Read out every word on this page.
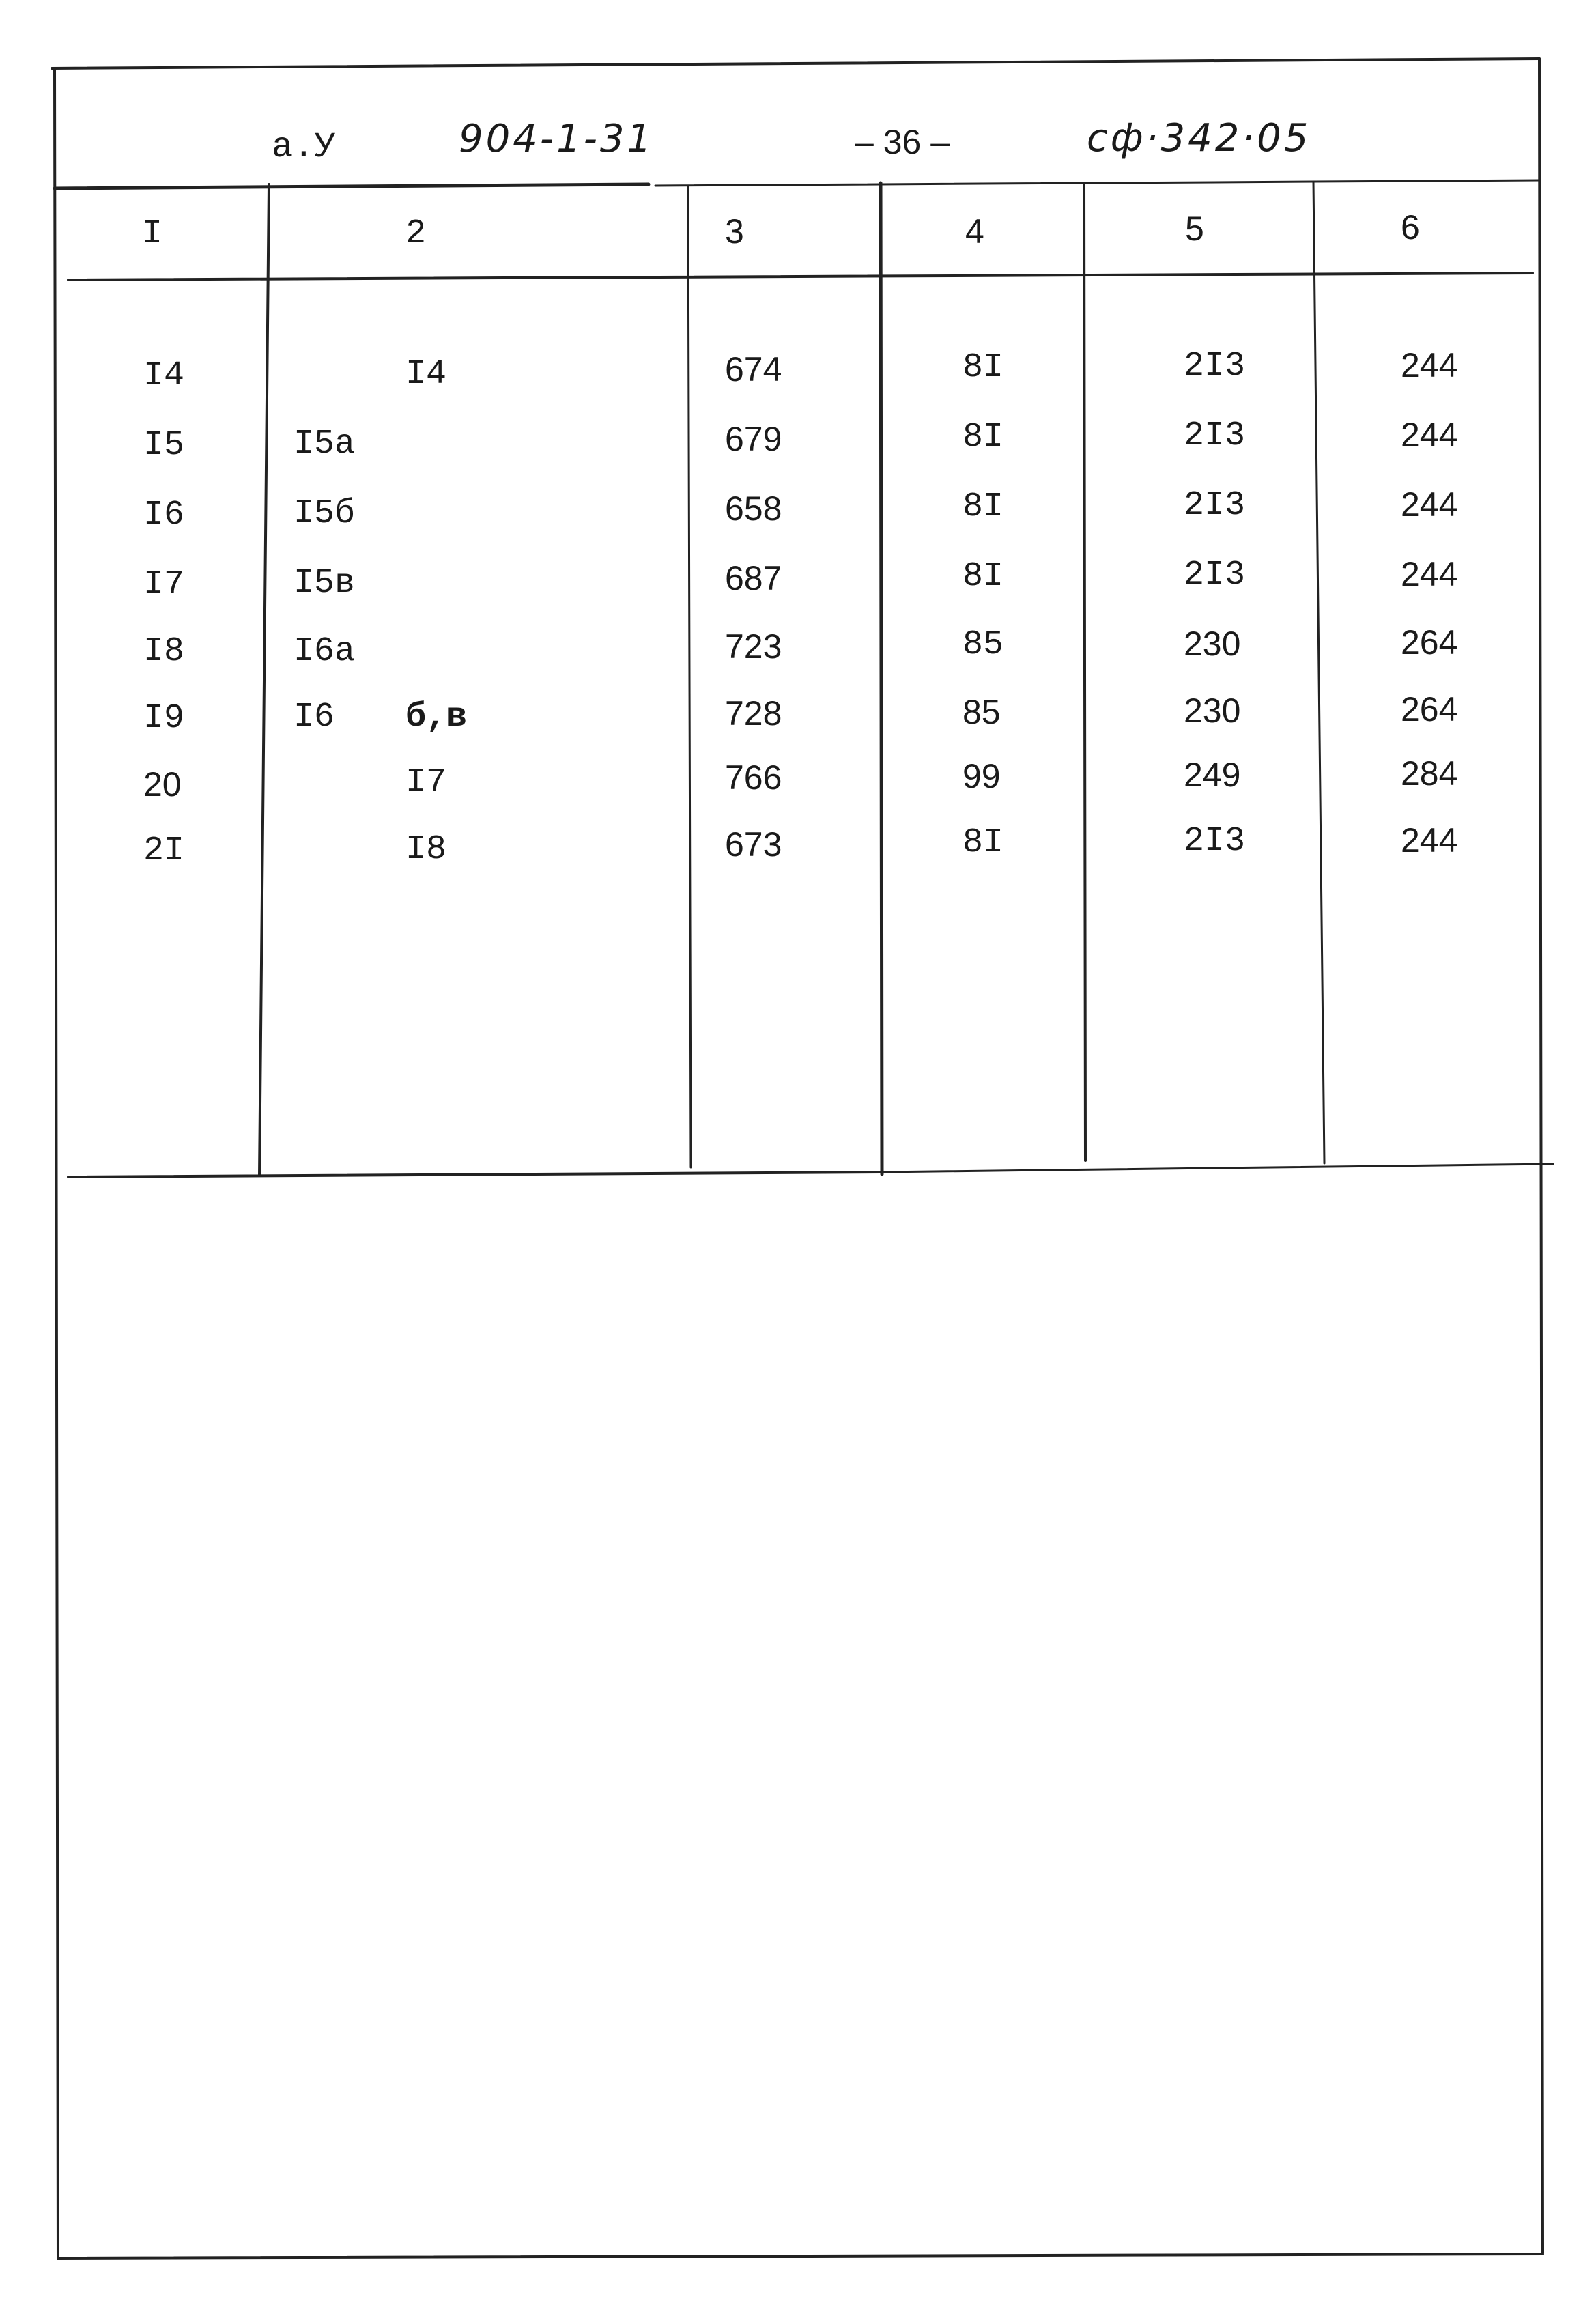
а.У	904-1-31	– 36 –	сф·342·05
I	2	3	4	5	6
I4	I4	674	8I	2I3	244
I5	I5а	679	8I	2I3	244
I6	I5б	658	8I	2I3	244
I7	I5в	687	8I	2I3	244
I8	I6а	723	85	230	264
I9	I6 б,в	728	85	230	264
20	I7	766	99	249	284
2I	I8	673	8I	2I3	244
